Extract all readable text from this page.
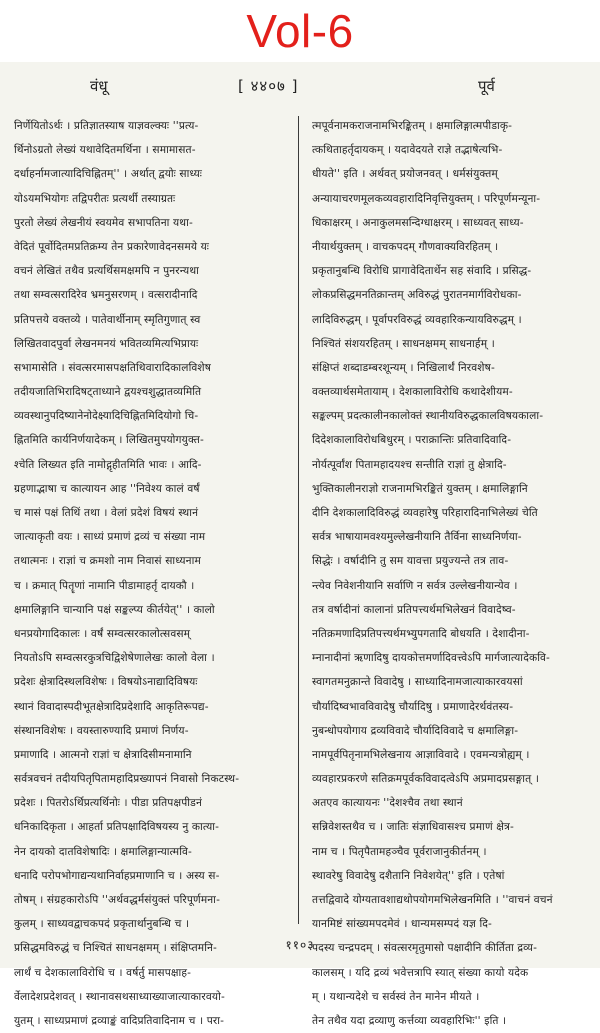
Vol-6
वंधू	[ ४४०७ ]	पूर्व
निर्णेयितोऽर्थः । प्रतिज्ञातस्याष याज्ञवल्क्यः ''प्रत्य-
र्थिनोऽग्रतो लेख्यं यथावेदितमर्थिना । समामासत-
दर्धाहर्नामजात्यादिचिह्नितम्'' । अर्थात् द्वयोः साध्यः
योऽयमभियोगः तद्विपरीतः प्रत्यर्थी तस्याग्रतः
पुरतो लेख्यं लेखनीयं स्वयमेव सभापतिना यथा-
वेदितं पूर्वोदितमप्रतिक्रम्य तेन प्रकारेणावेदनसमये यः
वचनं लेखितं तथैव प्रत्यर्थिसमक्षमपि न पुनरन्यथा
तथा सम्वत्सरादिरेव भ्रमनुसरणम् । वत्सरादीनादि
प्रतिपत्तये वक्तव्ये । पातेवार्थीनाम् स्मृतिगुणात् स्व
लिखितवादपुर्वा लेखनमनयं भवितव्यमित्यभिप्रायः
सभामासेति । संवत्सरमासपक्षतिथिवारादिकालविशेष
तदीयजातिभिरादिषट्ताध्याने द्वयश्चशुद्धातव्यमिति
व्यवस्थानुपदिष्यानेनोदेक्ष्यादिचिह्नितमिदियोगो चि-
ह्नितमिति कार्यनिर्णयादेकम् । लिखितमुपयोगयुक्त-
श्चेति लिख्यत इति नामोद्गृहीतमिति भावः । आदि-
ग्रहणाद्भाषा च कात्यायन आह ''निवेश्य कालं वर्षं
च मासं पक्षं तिथिं तथा । वेलां प्रदेशं विषयं स्थानं
जात्याकृती वयः । साध्यं प्रमाणं द्रव्यं च संख्या नाम
तथात्मनः । राज्ञां च क्रमशो नाम निवासं साध्यनाम
च । क्रमात् पितॄणां नामानि पीडामाहर्तृ दायकौ ।
क्षमालिङ्गानि चान्यानि पक्षं सङ्कल्प्य कीर्तयेत्'' । कालो
धनप्रयोगादिकालः । वर्षं सम्वत्सरकालोत्सवसम्
नियतोऽपि सम्वत्सरकुत्रचिद्विशेषेणालेखः कालो वेला ।
प्रदेशः क्षेत्रादिस्थलविशेषः । विषयोऽनाद्यादिविषयः
स्थानं विवादास्पदीभूतक्षेत्रादिप्रदेशादि आकृतिरूपद्य-
संस्थानविशेषः । वयस्तारुण्यादि प्रमाणं निर्णय-
प्रमाणादि । आत्मनो राज्ञां च क्षेत्रादिसीमनामानि
सर्वत्रवचनं तदीयपितृपितामहादिप्रख्यापनं निवासो निकटस्थ-
प्रदेशः । पितरोऽर्थिप्रत्यर्थिनोः । पीडा प्रतिपक्षपीडनं
धनिकादिकृता । आहर्ता प्रतिपक्षादिविषयस्य नु कात्या-
नेन दायको दातविशेषादिः । क्षमालिङ्गान्यात्मवि-
धनादि परोपभोगाद्यन्यथानिर्वाहप्रमाणानि च । अस्य स-
तोषम् । संग्रहकारोऽपि ''अर्थवद्धर्मसंयुक्तं परिपूर्णमना-
कुलम् । साध्यवद्वाचकपदं प्रकृतार्थानुबन्धि च ।
प्रसिद्धमविरुद्धं च निश्चितं साधनक्षमम् । संक्षिप्तमनि-
लार्थं च देशकालाविरोधि च । वर्षर्तु मासपक्षाह-
र्वेलादेशप्रदेशवत् । स्थानावसथसाध्याख्याजात्याकारवयो-
युतम् । साध्यप्रमाणं द्रव्याङ्कं वादिप्रतिवादिनाम च । परा-
त्मपूर्वनामकराजनामभिरङ्कितम् । क्षमालिङ्गात्मपीडाकृ-
त्कथिताहर्तृदायकम् । यदावेदयते राज्ञे तद्भाषेत्यभि-
धीयते'' इति । अर्थवत् प्रयोजनवत् । धर्मसंयुक्तम्
अन्यायाचरणमूलकव्यवहारादिनिवृत्तियुक्तम् । परिपूर्णमन्यूना-
धिकाक्षरम् । अनाकुलमसन्दिग्धाक्षरम् । साध्यवत् साध्य-
नीयार्थयुक्तम् । वाचकपदम् गौणवाक्यविरहितम् ।
प्रकृतानुबन्धि विरोधि प्रागावेदितार्थेन सह संवादि । प्रसिद्ध-
लोकप्रसिद्धमनतिक्रान्तम् अविरुद्धं पुरातनमार्गविरोधका-
लादिविरुद्धम् । पूर्वापरविरुद्धं व्यवहारिकन्यायविरुद्धम् ।
निश्चितं संशयरहितम् । साधनक्षमम् साधनार्हम् ।
संक्षिप्तं शब्दाडम्बरशून्यम् । निखिलार्थं निरवशेष-
वक्तव्यार्थसमेतायाम् । देशकालाविरोधि कथादेशीयम-
सङ्कल्पम् प्रदत्कालीनकालोक्तं स्थानीयविरुद्धकालविषयकाला-
दिदेशकालाविरोधबिधुरम् । पराक्रान्तिः प्रतिवादिवादि-
नोर्यत्पूर्वांश पितामहादयश्च सन्तीति राज्ञां तु क्षेत्रादि-
भुक्तिकालीनराज्ञो राजनामभिरङ्कितं युक्तम् । क्षमालिङ्गानि
दीनि देशकालादिविरुद्धं व्यवहारेषु परिहारादिनाभिलेख्यं चेति
सर्वत्र भाषायामवश्यमुल्लेखनीयानि तैर्विना साध्यनिर्णया-
सिद्धेः । वर्षादीनि तु सम यावत्ता प्रयुज्यन्ते तत्र ताव-
न्त्येव निवेशनीयानि सर्वाणि न सर्वत्र उल्लेखनीयान्येव ।
तत्र वर्षादीनां कालानां प्रतिपत्त्यर्थमभिलेखनं विवादेष्व-
नतिक्रमणादिप्रतिपत्त्यर्थमभ्युपगतादि बोधयति । देशादीना-
म्नानादीनां ऋणादिषु दायकोत्तमर्णादिवत्त्वेऽपि मार्गजात्यादेकवि-
स्वागतमनुक्रान्ते विवादेषु । साध्यादिनामजात्याकारवयसां
चौर्यादिष्वभावविवादेषु चौर्यादिषु । प्रमाणादेरर्थवंतस्य-
नुबन्धोपयोगाय द्रव्यविवादे चौर्यादिविवादे च क्षमालिङ्गा-
नामपूर्वपितृनामभिलेखनाय आज्ञाविवादे । एवमन्यत्रोह्यम् ।
व्यवहारप्रकरणे सतिक्रमपूर्वकविवादत्वेऽपि अप्रमादप्रसङ्गात् ।
अतएव कात्यायनः ''देशश्चैव तथा स्थानं
सन्निवेशस्तथैव च । जातिः संज्ञाधिवासश्च प्रमाणं क्षेत्र-
नाम च । पितृपैतामहञ्चैव पूर्वराजानुकीर्तनम् ।
स्थावरेषु विवादेषु दशैतानि निवेशयेत्'' इति । एतेषां
तत्तद्विवादे योग्यतावशाद्यथोपयोगमभिलेखनमिति । ''वाचनं वचनं
यानमिष्टं सांख्यमपदमेवं । धान्यमसम्पदं यज्ञ दि-
पदस्य चन्द्रपदम् । संवत्सरमृतुमासो पक्षादीनि कीर्तिता द्रव्य-
कालसम् । यदि द्रव्यं भवेत्तत्रापि स्यात् संख्या कायो यदेक
म् । यथान्यदेशे च सर्वस्वं तेन मानेन मीयते ।
तेन तथैव यदा द्रव्याणु कर्त्तव्या व्यवहारिभिः'' इति ।
११०३
